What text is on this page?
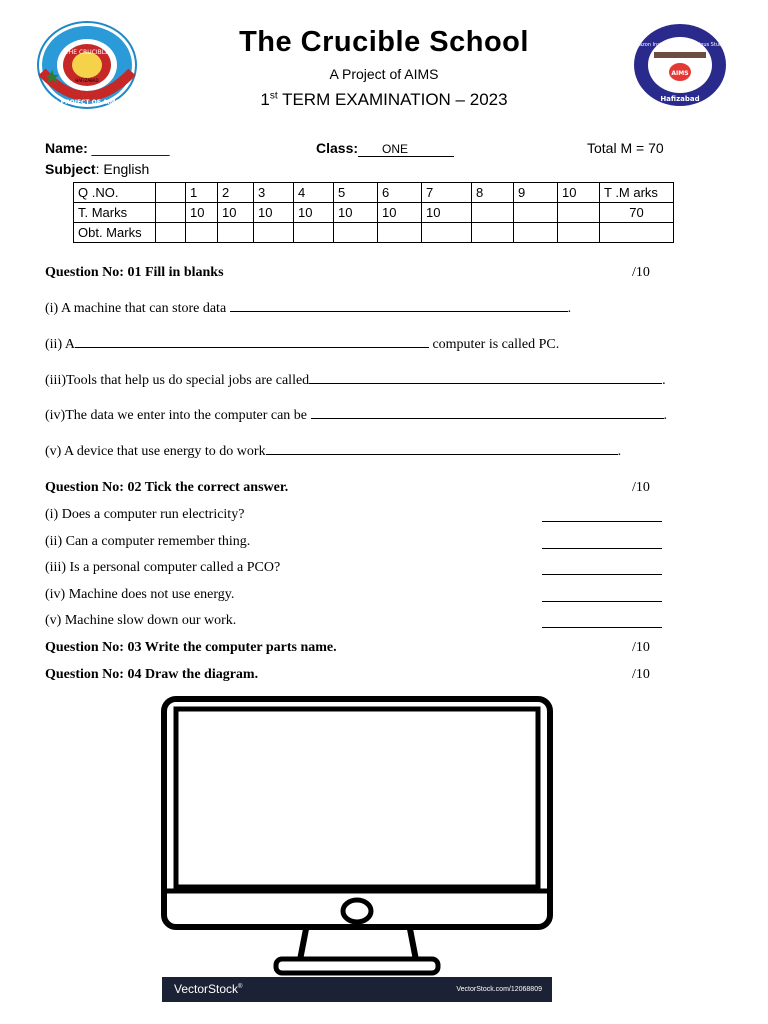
THE CRUCIBLE
A PROJECT OF AIMS
HAFIZABAD
Amazon Institute Of Meticulous Studies
AIMS
Hafizabad
The Crucible School
A Project of AIMS
1st TERM EXAMINATION – 2023
Name: __________	Class: ONE	Total M = 70
Subject: English
Q .NO.		1	2	3	4	5	6	7	8	9	10	T .M arks
T. Marks		10	10	10	10	10	10	10				70
Obt. Marks												
Question No: 01 Fill in blanks	/10
(i) A machine that can store data	.
(ii) A	computer is called PC.
(iii)Tools that help us do special jobs are called	.
(iv)The data we enter into the computer can be	.
(v) A device that use energy to do work	.
Question No: 02 Tick the correct answer.	/10
(i) Does a computer run electricity?
(ii) Can a computer remember thing.
(iii) Is a personal computer called a PCO?
(iv) Machine does not use energy.
(v) Machine slow down our work.
Question No: 03 Write the computer parts name.	/10
Question No: 04 Draw the diagram.	/10
VectorStock®	VectorStock.com/12068809
